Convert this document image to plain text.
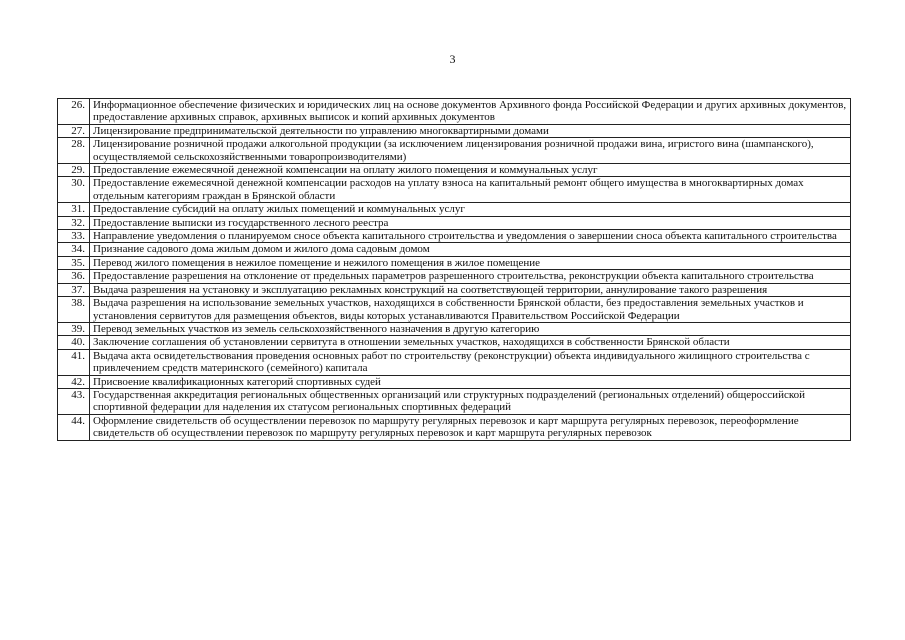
3
26.	Информационное обеспечение физических и юридических лиц на основе документов Архивного фонда Российской Федерации и других архивных документов, предоставление архивных справок, архивных выписок и копий архивных документов
27.	Лицензирование предпринимательской деятельности по управлению многоквартирными домами
28.	Лицензирование розничной продажи алкогольной продукции (за исключением лицензирования розничной продажи вина, игристого вина (шампанского), осуществляемой сельскохозяйственными товаропроизводителями)
29.	Предоставление ежемесячной денежной компенсации на оплату жилого помещения и коммунальных услуг
30.	Предоставление ежемесячной денежной компенсации расходов на уплату взноса на капитальный ремонт общего имущества в многоквартирных домах отдельным категориям граждан в Брянской области
31.	Предоставление субсидий на оплату жилых помещений и коммунальных услуг
32.	Предоставление выписки из государственного лесного реестра
33.	Направление уведомления о планируемом сносе объекта капитального строительства и уведомления о завершении сноса объекта капитального строительства
34.	Признание садового дома жилым домом и жилого дома садовым домом
35.	Перевод жилого помещения в нежилое помещение и нежилого помещения в жилое помещение
36.	Предоставление разрешения на отклонение от предельных параметров разрешенного строительства, реконструкции объекта капитального строительства
37.	Выдача разрешения на установку и эксплуатацию рекламных конструкций на соответствующей территории, аннулирование такого разрешения
38.	Выдача разрешения на использование земельных участков, находящихся в собственности Брянской области, без предоставления земельных участков и установления сервитутов для размещения объектов, виды которых устанавливаются Правительством Российской Федерации
39.	Перевод земельных участков из земель сельскохозяйственного назначения в другую категорию
40.	Заключение соглашения об установлении сервитута в отношении земельных участков, находящихся в собственности Брянской области
41.	Выдача акта освидетельствования проведения основных работ по строительству (реконструкции) объекта индивидуального жилищного строительства с привлечением средств материнского (семейного) капитала
42.	Присвоение квалификационных категорий спортивных судей
43.	Государственная аккредитация региональных общественных организаций или структурных подразделений (региональных отделений) общероссийской спортивной федерации для наделения их статусом региональных спортивных федераций
44.	Оформление свидетельств об осуществлении перевозок по маршруту регулярных перевозок и карт маршрута регулярных перевозок, переоформление свидетельств об осуществлении перевозок по маршруту регулярных перевозок и карт маршрута регулярных перевозок
